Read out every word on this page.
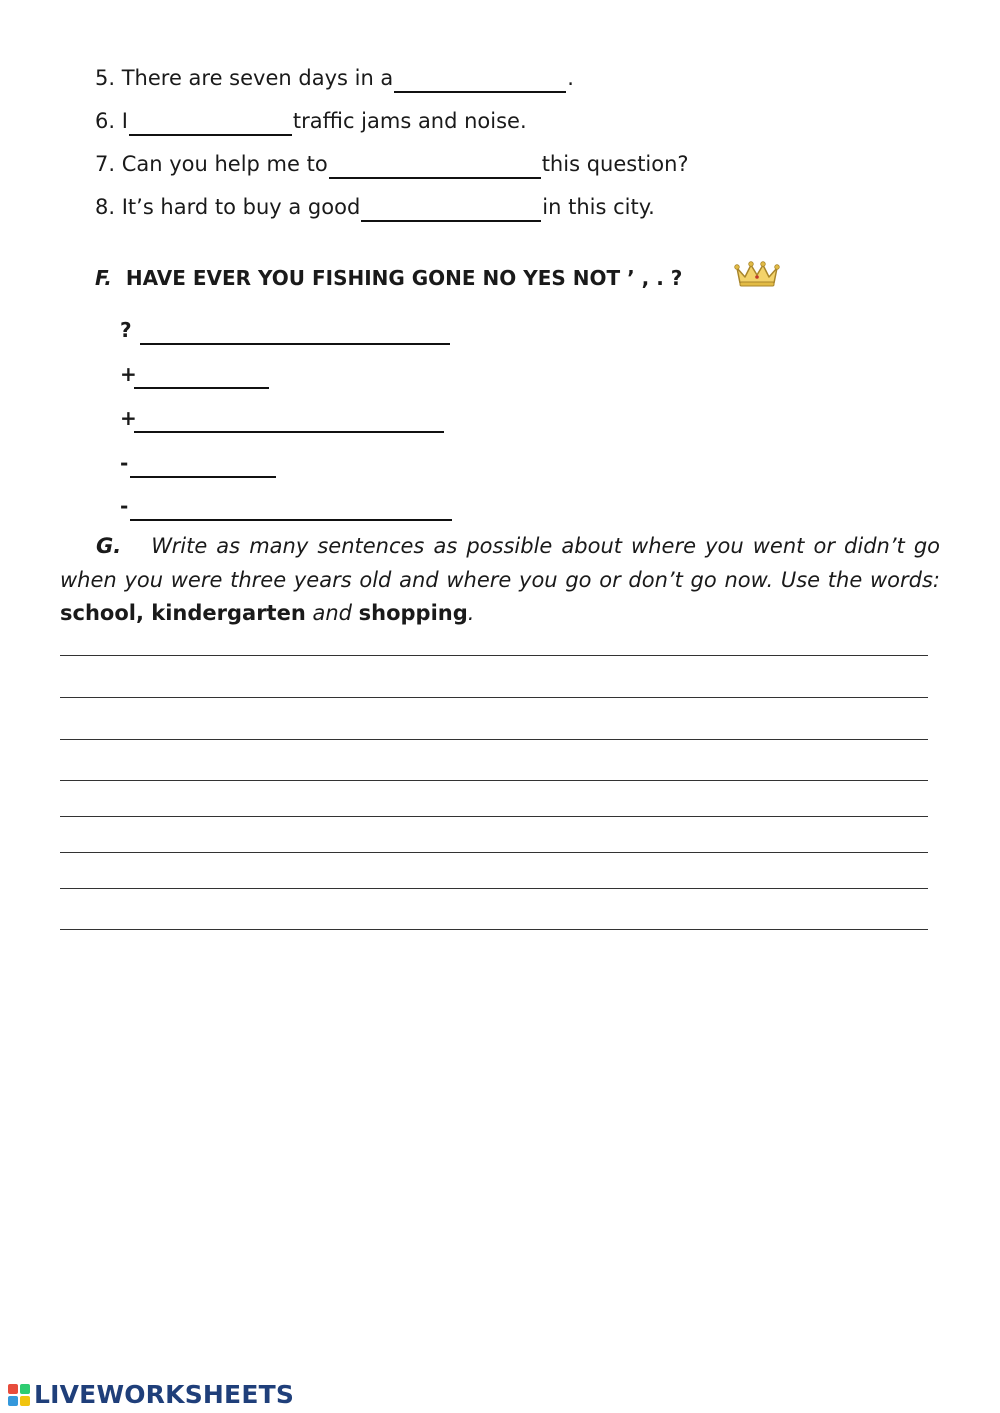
5. There are seven days in a	.
6. I	traffic jams and noise.
7. Can you help me to	this question?
8. It’s hard to buy a good	in this city.
F. HAVE EVER YOU FISHING GONE NO YES NOT ’ , . ?
?
+
+
-
-
G. Write as many sentences as possible about where you went or didn’t go when you were three years old and where you go or don’t go now. Use the words: school, kindergarten and shopping.
LIVEWORKSHEETS
